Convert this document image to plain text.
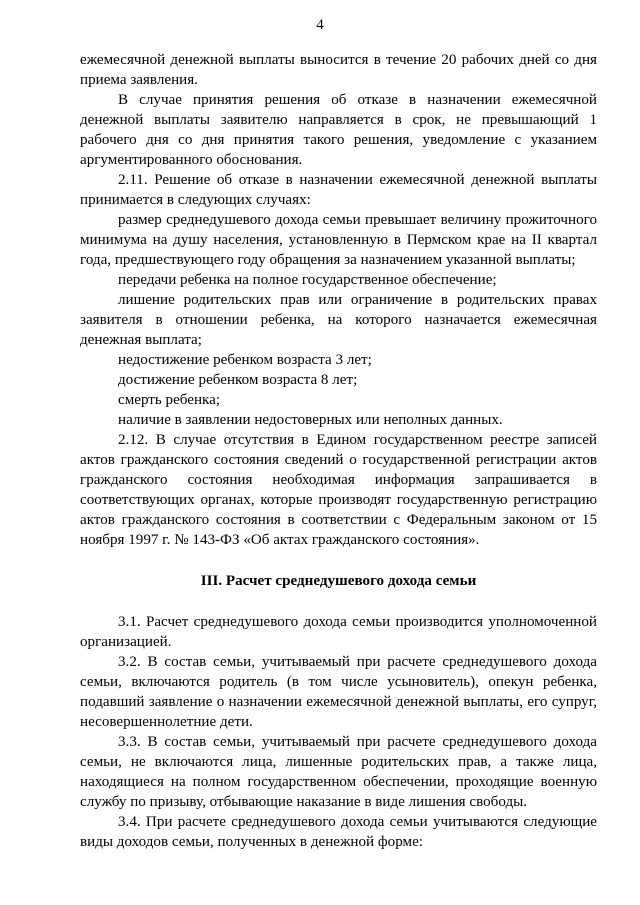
4

ежемесячной денежной выплаты выносится в течение 20 рабочих дней со дня приема заявления.

В случае принятия решения об отказе в назначении ежемесячной денежной выплаты заявителю направляется в срок, не превышающий 1 рабочего дня со дня принятия такого решения, уведомление с указанием аргументированного обоснования.

2.11. Решение об отказе в назначении ежемесячной денежной выплаты принимается в следующих случаях:

размер среднедушевого дохода семьи превышает величину прожиточного минимума на душу населения, установленную в Пермском крае на II квартал года, предшествующего году обращения за назначением указанной выплаты;

передачи ребенка на полное государственное обеспечение;

лишение родительских прав или ограничение в родительских правах заявителя в отношении ребенка, на которого назначается ежемесячная денежная выплата;

недостижение ребенком возраста 3 лет;

достижение ребенком возраста 8 лет;

смерть ребенка;

наличие в заявлении недостоверных или неполных данных.

2.12. В случае отсутствия в Едином государственном реестре записей актов гражданского состояния сведений о государственной регистрации актов гражданского состояния необходимая информация запрашивается в соответствующих органах, которые производят государственную регистрацию актов гражданского состояния в соответствии с Федеральным законом от 15 ноября 1997 г. № 143-ФЗ «Об актах гражданского состояния».

III. Расчет среднедушевого дохода семьи

3.1. Расчет среднедушевого дохода семьи производится уполномоченной организацией.

3.2. В состав семьи, учитываемый при расчете среднедушевого дохода семьи, включаются родитель (в том числе усыновитель), опекун ребенка, подавший заявление о назначении ежемесячной денежной выплаты, его супруг, несовершеннолетние дети.

3.3. В состав семьи, учитываемый при расчете среднедушевого дохода семьи, не включаются лица, лишенные родительских прав, а также лица, находящиеся на полном государственном обеспечении, проходящие военную службу по призыву, отбывающие наказание в виде лишения свободы.

3.4. При расчете среднедушевого дохода семьи учитываются следующие виды доходов семьи, полученных в денежной форме:
